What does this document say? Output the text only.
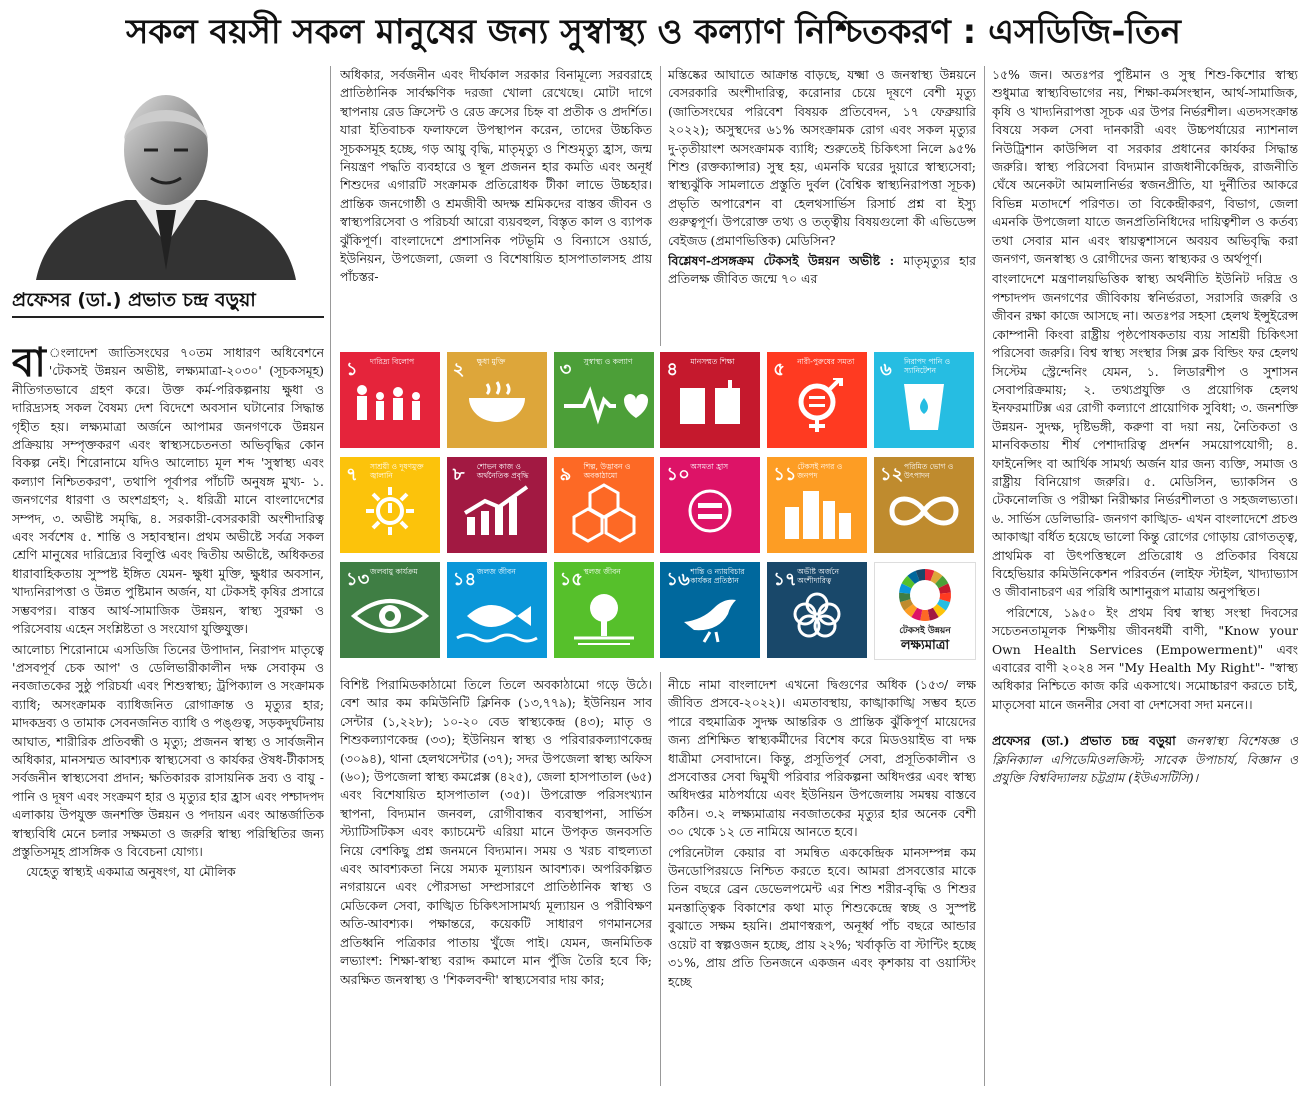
সকল বয়সী সকল মানুষের জন্য সুস্বাস্থ্য ও কল্যাণ নিশ্চিতকরণ : এসডিজি-তিন
প্রফেসর (ডা.) প্রভাত চন্দ্র বড়ুয়া

বা ংলাদেশ জাতিসংঘের ৭০তম সাধারণ অধিবেশনে 'টেকসই উন্নয়ন অভীষ্ট, লক্ষ্যমাত্রা-২০৩০' (সূচকসমূহ) নীতিগতভাবে গ্রহণ করে। উক্ত কর্ম-পরিকল্পনায় ক্ষুধা ও দারিদ্র্যসহ সকল বৈষম্য দেশ বিদেশে অবসান ঘটানোর সিদ্ধান্ত গৃহীত হয়। লক্ষ্যমাত্রা অর্জনে আপামর জনগণকে উন্নয়ন প্রক্রিয়ায় সম্পৃক্তকরণ এবং স্বাস্থ্যসচেতনতা অভিবৃদ্ধির কোন বিকল্প নেই। শিরোনামে যদিও আলোচ্য মূল শব্দ 'সুস্বাস্থ্য এবং কল্যাণ নিশ্চিতকরণ', তথাপি পূর্বাপর পাঁচটি অনুষঙ্গ মুখ্য- ১. জনগণের ধারণা ও অংশগ্রহণ; ২. ধরিত্রী মানে বাংলাদেশের সম্পদ, ৩. অভীষ্ট সমৃদ্ধি, ৪. সরকারী-বেসরকারী অংশীদারিত্ব এবং সর্বশেষ ৫. শান্তি ও সহাবস্থান। প্রথম অভীষ্টে সর্বত্র সকল শ্রেণি মানুষের দারিদ্র্যের বিলুপ্তি এবং দ্বিতীয় অভীষ্টে, অধিকতর ধারাবাহিকতায় সুস্পষ্ট ইঙ্গিত যেমন- ক্ষুধা মুক্তি, ক্ষুধার অবসান, খাদ্যনিরাপত্তা ও উন্নত পুষ্টিমান অর্জন, যা টেকসই কৃষির প্রসারে সম্ভবপর। বাস্তব আর্থ-সামাজিক উন্নয়ন, স্বাস্থ্য সুরক্ষা ও পরিসেবায় এহেন সংশ্লিষ্টতা ও সংযোগ যুক্তিযুক্ত।

আলোচ্য শিরোনামে এসডিজি তিনের উপাদান, নিরাপদ মাতৃত্বে 'প্রসবপূর্ব চেক আপ' ও ডেলিভারীকালীন দক্ষ সেবাকৃম ও নবজাতকের সুষ্ঠু পরিচর্যা এবং শিশুস্বাস্থ্য; ট্রপিক্যাল ও সংক্রামক ব্যাধি; অসংক্রামক ব্যাধিজনিত রোগাক্রান্ত ও মৃত্যুর হার; মাদকদ্রব্য ও তামাক সেবনজনিত ব্যাধি ও পঙ্গুত্ব, সড়কদুর্ঘটনায় আঘাত, শারীরিক প্রতিবন্ধী ও মৃত্যু; প্রজনন স্বাস্থ্য ও সার্বজনীন অধিকার, মানসম্মত আবশ্যক স্বাস্থ্যসেবা ও কার্যকর ঔষধ-টীকাসহ সর্বজনীন স্বাস্থ্যসেবা প্রদান; ক্ষতিকারক রাসায়নিক দ্রব্য ও বায়ু - পানি ও দূষণ এবং সংক্রমণ হার ও মৃত্যুর হার হ্রাস এবং পশ্চাদপদ এলাকায় উপযুক্ত জনশক্তি উন্নয়ন ও পদায়ন এবং আন্তর্জাতিক স্বাস্থ্যবিধি মেনে চলার সক্ষমতা ও জরুরি স্বাস্থ্য পরিস্থিতির জন্য প্রস্তুতিসমূহ প্রাসঙ্গিক ও বিবেচনা যোগ্য।

যেহেতু স্বাস্থ্যই একমাত্র অনুষংগ, যা মৌলিক

অধিকার, সর্বজনীন এবং দীর্ঘকাল সরকার বিনামূল্যে সরবরাহে প্রাতিষ্ঠানিক সার্বক্ষণিক দরজা খোলা রেখেছে। মোটা দাগে স্থাপনায় রেড ক্রিসেন্ট ও রেড ক্রসের চিহ্ন বা প্রতীক ও প্রদর্শিত। যারা ইতিবাচক ফলাফলে উপস্থাপন করেন, তাদের উচ্চকিত সূচকসমূহ হচ্ছে, গড় আয়ু বৃদ্ধি, মাতৃমৃত্যু ও শিশুমৃত্যু হ্রাস, জন্ম নিয়ন্ত্রণ পদ্ধতি ব্যবহারে ও স্থূল প্রজনন হার কমতি এবং অনূর্ধ শিশুদের এগারটি সংক্রামক প্রতিরোধক টীকা লাভে উচ্চহার। প্রান্তিক জনগোষ্ঠী ও শ্রমজীবী অদক্ষ শ্রমিকদের বাস্তব জীবন ও স্বাস্থ্যপরিসেবা ও পরিচর্যা আরো ব্যয়বহুল, বিস্তৃত কাল ও ব্যাপক ঝুঁকিপূর্ণ। বাংলাদেশে প্রশাসনিক পটভূমি ও বিন্যাসে ওয়ার্ড, ইউনিয়ন, উপজেলা, জেলা ও বিশেষায়িত হাসপাতালসহ প্রায় পাঁচস্তর-

মস্তিষ্কের আঘাতে আক্রান্ত বাড়ছে, যক্ষ্মা ও জনস্বাস্থ্য উন্নয়নে বেসরকারি অংশীদারিত্ব, করোনার চেয়ে দূষণে বেশী মৃত্যু (জাতিসংঘের পরিবেশ বিষয়ক প্রতিবেদন, ১৭ ফেব্রুয়ারি ২০২২); অসুস্থদের ৬১% অসংক্রামক রোগ এবং সকল মৃত্যুর দু-তৃতীয়াংশ অসংক্রামক ব্যাধি; শুরুতেই চিকিৎসা নিলে ৯৫% শিশু (রক্তক্যান্সার) সুস্থ হয়, এমনকি ঘরের দুয়ারে স্বাস্থ্যসেবা; স্বাস্থ্যঝুঁকি সামলাতে প্রস্তুতি দুর্বল (বৈশ্বিক স্বাস্থ্যনিরাপত্তা সূচক) প্রভৃতি অপারেশন বা হেলথসার্ভিস রিসার্চ প্রশ্ন বা ইস্যু গুরুত্বপূর্ণ। উপরোক্ত তথ্য ও তত্ত্বীয় বিষয়গুলো কী এভিডেন্স বেইজড (প্রমাণভিত্তিক) মেডিসিন?

বিশ্লেষণ-প্রসঙ্গক্রম টেকসই উন্নয়ন অভীষ্ট : মাতৃমৃত্যুর হার প্রতিলক্ষ জীবিত জন্মে ৭০ এর

১ দারিদ্র্য বিলোপ	২ ক্ষুধা মুক্তি	৩ সুস্বাস্থ্য ও কল্যাণ	৪ মানসম্মত শিক্ষা	৫ নারী-পুরুষের সমতা	৬ নিরাপদ পানি ও স্যানিটেশন
৭ সাশ্রয়ী ও দূষণমুক্ত জ্বালানি	৮ শোভন কাজ ও অর্থনৈতিক প্রবৃদ্ধি	৯ শিল্প, উদ্ভাবন ও অবকাঠামো	১০ অসমতা হ্রাস	১১ টেকসই নগর ও জনপদ	১২ পরিমিত ভোগ ও উৎপাদন
১৩ জলবায়ু কার্যক্রম	১৪ জলজ জীবন	১৫ স্থলজ জীবন	১৬ শান্তি ও ন্যায়বিচার কার্যকর প্রতিষ্ঠান	১৭ অভীষ্ট অর্জনে অংশীদারিত্ব
টেকসই উন্নয়ন
লক্ষ্যমাত্রা

বিশিষ্ট পিরামিডকাঠামো তিলে তিলে অবকাঠামো গড়ে উঠে। বেশ আর কম কমিউনিটি ক্লিনিক (১৩,৭৭৯); ইউনিয়ন সাব সেন্টার (১,২২৮); ১০-২০ বেড স্বাস্থ্যকেন্দ্র (৪৩); মাতৃ ও শিশুকল্যাণকেন্দ্র (৩৩); ইউনিয়ন স্বাস্থ্য ও পরিবারকল্যাণকেন্দ্র (৩০৯৪), থানা হেলথসেন্টার (৩৭); সদর উপজেলা স্বাস্থ্য অফিস (৬০); উপজেলা স্বাস্থ্য কমপ্লেক্স (৪২৫), জেলা হাসপাতাল (৬৫) এবং বিশেষায়িত হাসপাতাল (৩৫)। উপরোক্ত পরিসংখ্যান স্থাপনা, বিদ্যমান জনবল, রোগীবান্ধব ব্যবস্থাপনা, সার্ভিস স্ট্যাটিসটিকস এবং ক্যাচমেন্ট এরিয়া মানে উপকৃত জনবসতি নিয়ে বেশকিছু প্রশ্ন জনমনে বিদ্যমান। সময় ও খরচ বাহুল্যতা এবং আবশ্যকতা নিয়ে সম্যক মূল্যায়ন আবশ্যক। অপরিকল্পিত নগরায়নে এবং পৌরসভা সম্প্রসারণে প্রাতিষ্ঠানিক স্বাস্থ্য ও মেডিকেল সেবা, কাঙ্খিত চিকিৎসাসামর্থ্য মূল্যায়ন ও পরীবিক্ষণ অতি-আবশ্যক। পক্ষান্তরে, কয়েকটি সাধারণ গণমানসের প্রতিধ্বনি পত্রিকার পাতায় খুঁজে পাই। যেমন, জনমিতিক লভ্যাংশ: শিক্ষা-স্বাস্থ্য বরাদ্দ কমালে মান পুঁজি তৈরি হবে কি; অরক্ষিত জনস্বাস্থ্য ও 'শিকলবন্দী' স্বাস্থ্যসেবার দায় কার;

নীচে নামা বাংলাদেশ এখনো দ্বিগুণের অধিক (১৫৩/ লক্ষ জীবিত প্রসবে-২০২২)। এমতাবস্থায়, কাঙ্খাকাঙ্খি সম্ভব হতে পারে বহুমাত্রিক সুদক্ষ আন্তরিক ও প্রান্তিক ঝুঁকিপূর্ণ মায়েদের জন্য প্রশিক্ষিত স্বাস্থ্যকর্মীদের বিশেষ করে মিডওয়াইভ বা দক্ষ ধাত্রীমা সেবাদানে। কিন্তু, প্রসূতিপূর্ব সেবা, প্রসূতিকালীন ও প্রসবোত্তর সেবা দ্বিমুখী পরিবার পরিকল্পনা অধিদপ্তর এবং স্বাস্থ্য অধিদপ্তর মাঠপর্যায়ে এবং ইউনিয়ন উপজেলায় সমন্বয় বাস্তবে কঠিন। ৩.২ লক্ষ্যমাত্রায় নবজাতকের মৃত্যুর হার অনেক বেশী ৩০ থেকে ১২ তে নামিয়ে আনতে হবে।

পেরিনেটাল কেয়ার বা সমন্বিত এককেন্দ্রিক মানসম্পন্ন কম উনডোপিরয়ডে নিশ্চিত করতে হবে। আমরা প্রসবত্তোর মাকে তিন বছরে ব্রেন ডেভেলপমেন্ট এর শিশু শরীর-বৃদ্ধি ও শিশুর মনস্তাত্ত্বিক বিকাশের কথা মাতৃ শিশুকেন্দ্রে স্বচ্ছ ও সুস্পষ্ট বুঝাতে সক্ষম হয়নি। প্রমাণস্বরূপ, অনূর্ধ্ব পাঁচ বছরে আন্ডার ওয়েট বা স্বল্পওজন হচ্ছে, প্রায় ২২%; খর্বাকৃতি বা স্টান্টিং হচ্ছে ৩১%, প্রায় প্রতি তিনজনে একজন এবং কৃশকায় বা ওয়াস্টিং হচ্ছে

১৫% জন। অতঃপর পুষ্টিমান ও সুস্থ শিশু-কিশোর স্বাস্থ্য শুধুমাত্র স্বাস্থ্যবিভাগের নয়, শিক্ষা-কর্মসংস্থান, আর্থ-সামাজিক, কৃষি ও খাদ্যনিরাপত্তা সূচক এর উপর নির্ভরশীল। এতদসংক্রান্ত বিষয়ে সকল সেবা দানকারী এবং উচ্চপর্যায়ের ন্যাশনাল নিউট্রিশান কাউন্সিল বা সরকার প্রধানের কার্যকর সিদ্ধান্ত জরুরি। স্বাস্থ্য পরিসেবা বিদ্যমান রাজধানীকেন্দ্রিক, রাজনীতি ঘেঁষে অনেকটা আমলানির্ভর স্বজনপ্রীতি, যা দুর্নীতির আকরে বিভিন্ন মতাদর্শে পরিণত। তা বিকেন্দ্রীকরণ, বিভাগ, জেলা এমনকি উপজেলা যাতে জনপ্রতিনিধিদের দায়িত্বশীল ও কর্তব্য তথা সেবার মান এবং স্বায়ত্বশাসনে অবয়ব অভিবৃদ্ধি করা জনগণ, জনস্বাস্থ্য ও রোগীদের জন্য স্বাস্থ্যকর ও অর্থপূর্ণ।

বাংলাদেশে মন্ত্রণালয়ভিত্তিক স্বাস্থ্য অর্থনীতি ইউনিট দরিদ্র ও পশ্চাদপদ জনগণের জীবিকায় স্বনির্ভরতা, সরাসরি জরুরি ও জীবন রক্ষা কাজে আসছে না। অতঃপর সহসা হেলথ ইন্সুইরেন্স কোম্পানী কিংবা রাষ্ট্রীয় পৃষ্ঠপোষকতায় ব্যয় সাশ্রয়ী চিকিৎসা পরিসেবা জরুরি। বিশ্ব স্বাস্থ্য সংস্থার সিক্স ব্লক বিল্ডিং ফর হেলথ সিস্টেম স্ট্রেন্দেনিং যেমন, ১. লিডারশীপ ও সুশাসন সেবাপরিক্রমায়; ২. তথ্যপ্রযুক্তি ও প্রয়োগিক হেলথ ইনফরমাটিক্স এর রোগী কল্যাণে প্রায়োগিক সুবিধা; ৩. জনশক্তি উন্নয়ন- সুদক্ষ, দৃষ্টিভঙ্গী, করুণা বা দয়া নয়, নৈতিকতা ও মানবিকতায় শীর্ষ পেশাদারিত্ব প্রদর্শন সময়োপযোগী; ৪. ফাইনেন্সিং বা আর্থিক সামর্থ্য অর্জন যার জন্য ব্যক্তি, সমাজ ও রাষ্ট্রীয় বিনিয়োগ জরুরি। ৫. মেডিসিন, ভ্যাকসিন ও টেকনোলজি ও পরীক্ষা নিরীক্ষার নির্ভরশীলতা ও সহজলভ্যতা। ৬. সার্ভিস ডেলিভারি- জনগণ কাঙ্খিত- এখন বাংলাদেশে প্রচণ্ড আকাঙ্খা বর্ধিত হয়েছে ভালো কিন্তু রোগের গোড়ায় রোগতত্ত্ব, প্রাথমিক বা উৎপত্তিস্থলে প্রতিরোধ ও প্রতিকার বিষয়ে বিহেভিয়ার কমিউনিকেশন পরিবর্তন (লাইফ স্টাইল, খাদ্যাভ্যাস ও জীবানাচরণ এর পরিধি আশানুরূপ মাত্রায় অনুপস্থিত।

পরিশেষে, ১৯৫০ ইং প্রথম বিশ্ব স্বাস্থ্য সংস্থা দিবসের সচেতনতামূলক শিক্ষণীয় জীবনধর্মী বাণী, "Know your Own Health Services (Empowerment)" এবং এবারের বাণী ২০২৪ সন "My Health My Right"- "স্বাস্থ্য অধিকার নিশ্চিতে কাজ করি একসাথে। সমোচ্চারণ করতে চাই, মাতৃসেবা মানে জননীর সেবা বা দেশসেবা সদা মননে।।

প্রফেসর (ডা.) প্রভাত চন্দ্র বড়ুয়া জনস্বাস্থ্য বিশেষজ্ঞ ও ক্লিনিক্যাল এপিডেমিওলজিস্ট; সাবেক উপাচার্য, বিজ্ঞান ও প্রযুক্তি বিশ্ববিদ্যালয় চট্টগ্রাম (ইউএসটিসি)।
